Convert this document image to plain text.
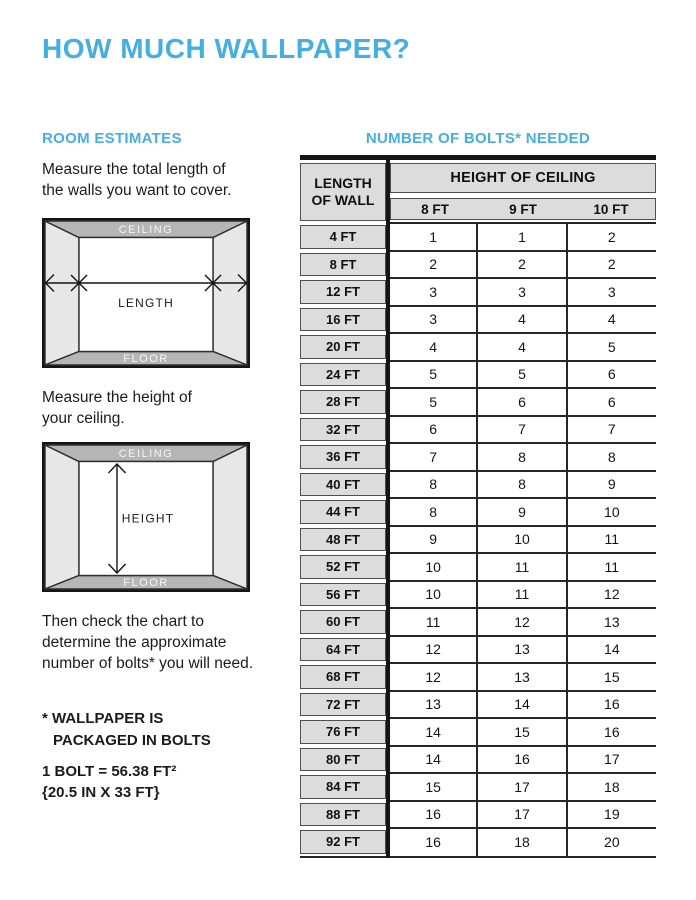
HOW MUCH WALLPAPER?
ROOM ESTIMATES

Measure the total length of
the walls you want to cover.

CEILING
FLOOR
LENGTH

Measure the height of
your ceiling.

CEILING
FLOOR
HEIGHT

Then check the chart to
determine the approximate
number of bolts* you will need.

* WALLPAPER IS
PACKAGED IN BOLTS
1 BOLT = 56.38 FT²
{20.5 IN X 33 FT}
NUMBER OF BOLTS* NEEDED
LENGTH
OF WALL	HEIGHT OF CEILING		

	8 FT 9 FT 10 FT		

4 FT	1	1	2

8 FT	2	2	2

12 FT	3	3	3

16 FT	3	4	4

20 FT	4	4	5

24 FT	5	5	6

28 FT	5	6	6

32 FT	6	7	7

36 FT	7	8	8

40 FT	8	8	9

44 FT	8	9	10

48 FT	9	10	11

52 FT	10	11	11

56 FT	10	11	12

60 FT	11	12	13

64 FT	12	13	14

68 FT	12	13	15

72 FT	13	14	16

76 FT	14	15	16

80 FT	14	16	17

84 FT	15	17	18

88 FT	16	17	19

92 FT	16	18	20
